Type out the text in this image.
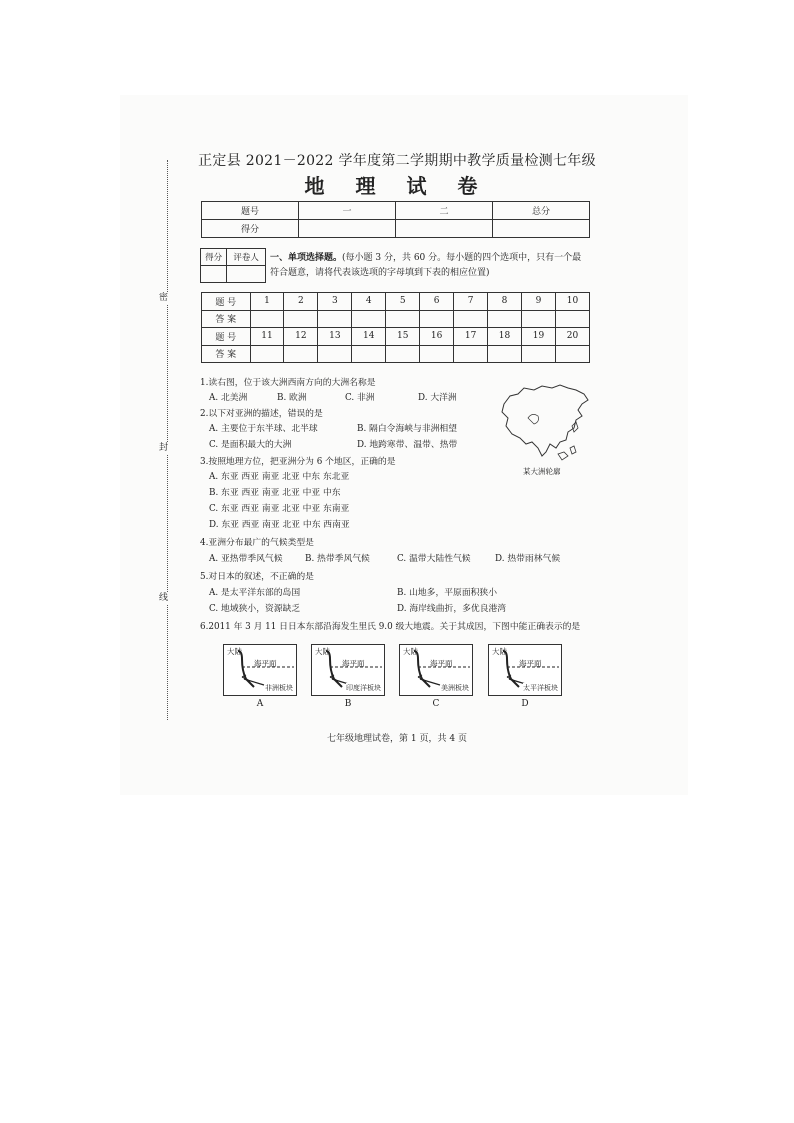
密
封
线
正定县 2021－2022 学年度第二学期期中教学质量检测七年级
地 理 试 卷
题号	一	二	总分
得分			
得分	评卷人
	一、单项选择题。(每小题 3 分，共 60 分。每小题的四个选项中，只有一个最
符合题意，请将代表该选项的字母填到下表的相应位置)
题 号	1	2	3	4	5	6	7	8	9	10
答 案										
题 号	11	12	13	14	15	16	17	18	19	20
答 案										
1.读右图，位于该大洲西南方向的大洲名称是
A. 北美洲	B. 欧洲	C. 非洲	D. 大洋洲
2.以下对亚洲的描述，错误的是
A. 主要位于东半球、北半球	B. 隔白令海峡与非洲相望
C. 是面积最大的大洲	D. 地跨寒带、温带、热带
3.按照地理方位，把亚洲分为 6 个地区，正确的是
A. 东亚 西亚 南亚 北亚 中东 东北亚
B. 东亚 西亚 南亚 北亚 中亚 中东
C. 东亚 西亚 南亚 北亚 中亚 东南亚
D. 东亚 西亚 南亚 北亚 中东 西南亚
4.亚洲分布最广的气候类型是
A. 亚热带季风气候	B. 热带季风气候	C. 温带大陆性气候	D. 热带雨林气候
5.对日本的叙述，不正确的是
A. 是太平洋东部的岛国	B. 山地多，平原面积狭小
C. 地域狭小，资源缺乏	D. 海岸线曲折，多优良港湾
6.2011 年 3 月 11 日日本东部沿海发生里氏 9.0 级大地震。关于其成因，下图中能正确表示的是
某大洲轮廓
大陆
海平面
非洲板块
A
大陆
海平面
印度洋板块
B
大陆
海平面
美洲板块
C
大陆
海平面
太平洋板块
D
七年级地理试卷，第 1 页，共 4 页
